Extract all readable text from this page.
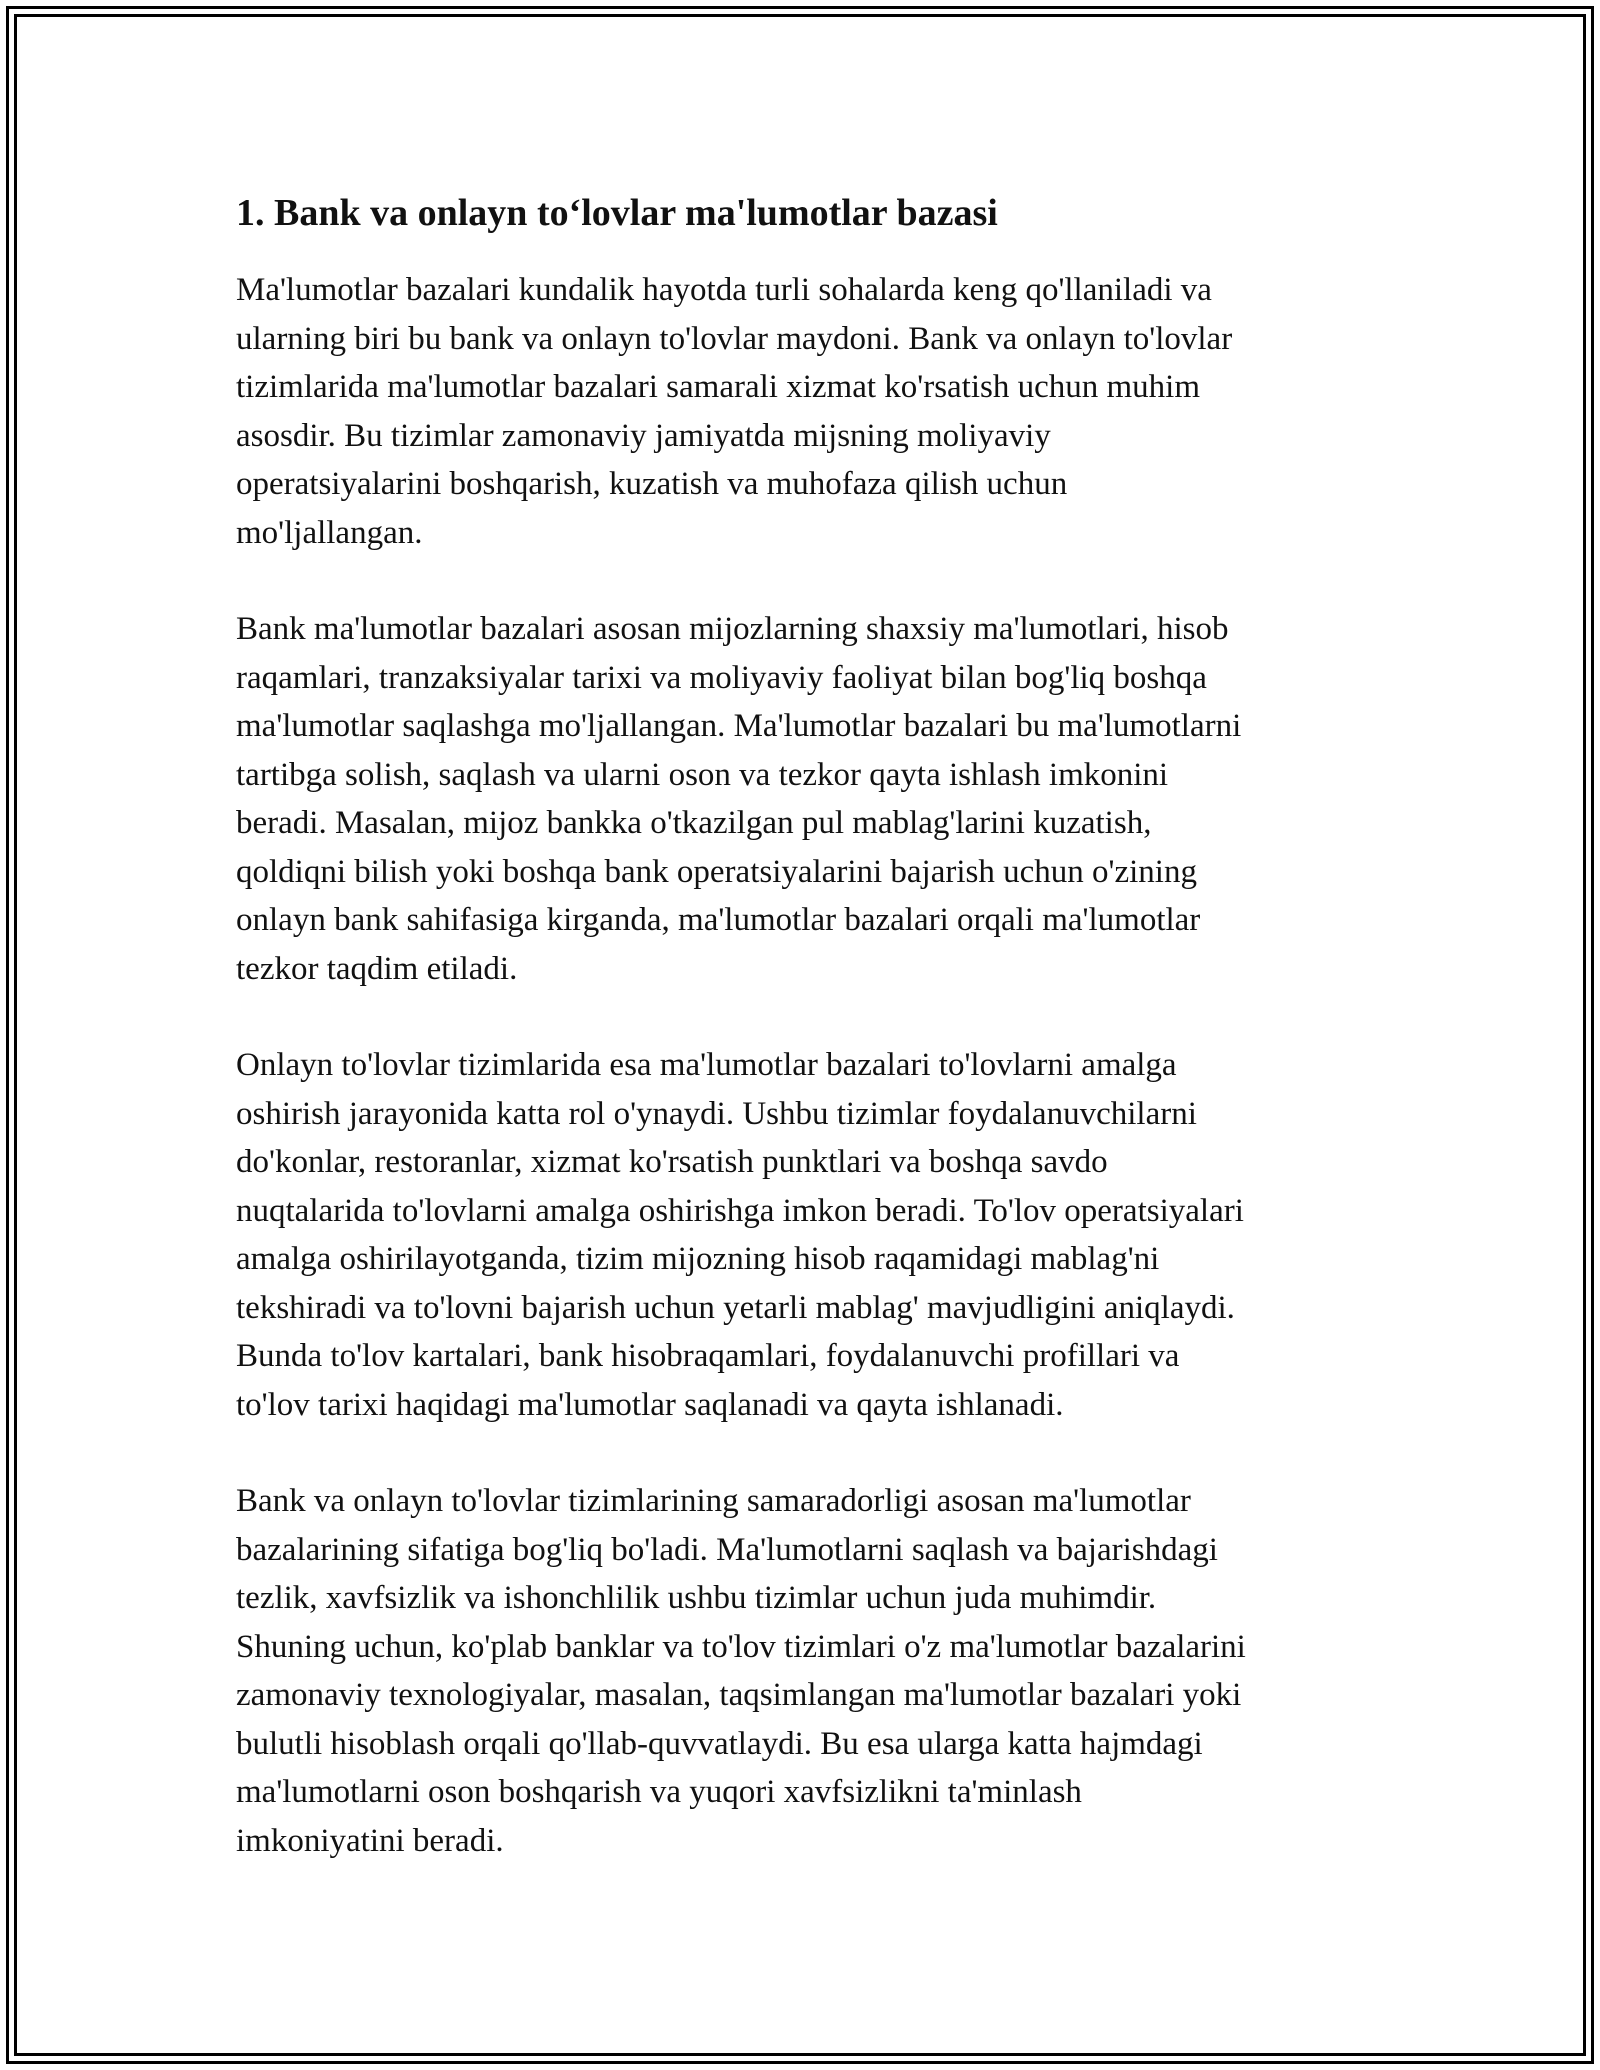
1. Bank va onlayn to‘lovlar ma'lumotlar bazasi

Ma'lumotlar bazalari kundalik hayotda turli sohalarda keng qo'llaniladi va
ularning biri bu bank va onlayn to'lovlar maydoni. Bank va onlayn to'lovlar
tizimlarida ma'lumotlar bazalari samarali xizmat ko'rsatish uchun muhim
asosdir. Bu tizimlar zamonaviy jamiyatda mijsning moliyaviy
operatsiyalarini boshqarish, kuzatish va muhofaza qilish uchun
mo'ljallangan.

Bank ma'lumotlar bazalari asosan mijozlarning shaxsiy ma'lumotlari, hisob
raqamlari, tranzaksiyalar tarixi va moliyaviy faoliyat bilan bog'liq boshqa
ma'lumotlar saqlashga mo'ljallangan. Ma'lumotlar bazalari bu ma'lumotlarni
tartibga solish, saqlash va ularni oson va tezkor qayta ishlash imkonini
beradi. Masalan, mijoz bankka o'tkazilgan pul mablag'larini kuzatish,
qoldiqni bilish yoki boshqa bank operatsiyalarini bajarish uchun o'zining
onlayn bank sahifasiga kirganda, ma'lumotlar bazalari orqali ma'lumotlar
tezkor taqdim etiladi.

Onlayn to'lovlar tizimlarida esa ma'lumotlar bazalari to'lovlarni amalga
oshirish jarayonida katta rol o'ynaydi. Ushbu tizimlar foydalanuvchilarni
do'konlar, restoranlar, xizmat ko'rsatish punktlari va boshqa savdo
nuqtalarida to'lovlarni amalga oshirishga imkon beradi. To'lov operatsiyalari
amalga oshirilayotganda, tizim mijozning hisob raqamidagi mablag'ni
tekshiradi va to'lovni bajarish uchun yetarli mablag' mavjudligini aniqlaydi.
Bunda to'lov kartalari, bank hisobraqamlari, foydalanuvchi profillari va
to'lov tarixi haqidagi ma'lumotlar saqlanadi va qayta ishlanadi.

Bank va onlayn to'lovlar tizimlarining samaradorligi asosan ma'lumotlar
bazalarining sifatiga bog'liq bo'ladi. Ma'lumotlarni saqlash va bajarishdagi
tezlik, xavfsizlik va ishonchlilik ushbu tizimlar uchun juda muhimdir.
Shuning uchun, ko'plab banklar va to'lov tizimlari o'z ma'lumotlar bazalarini
zamonaviy texnologiyalar, masalan, taqsimlangan ma'lumotlar bazalari yoki
bulutli hisoblash orqali qo'llab-quvvatlaydi. Bu esa ularga katta hajmdagi
ma'lumotlarni oson boshqarish va yuqori xavfsizlikni ta'minlash
imkoniyatini beradi.
